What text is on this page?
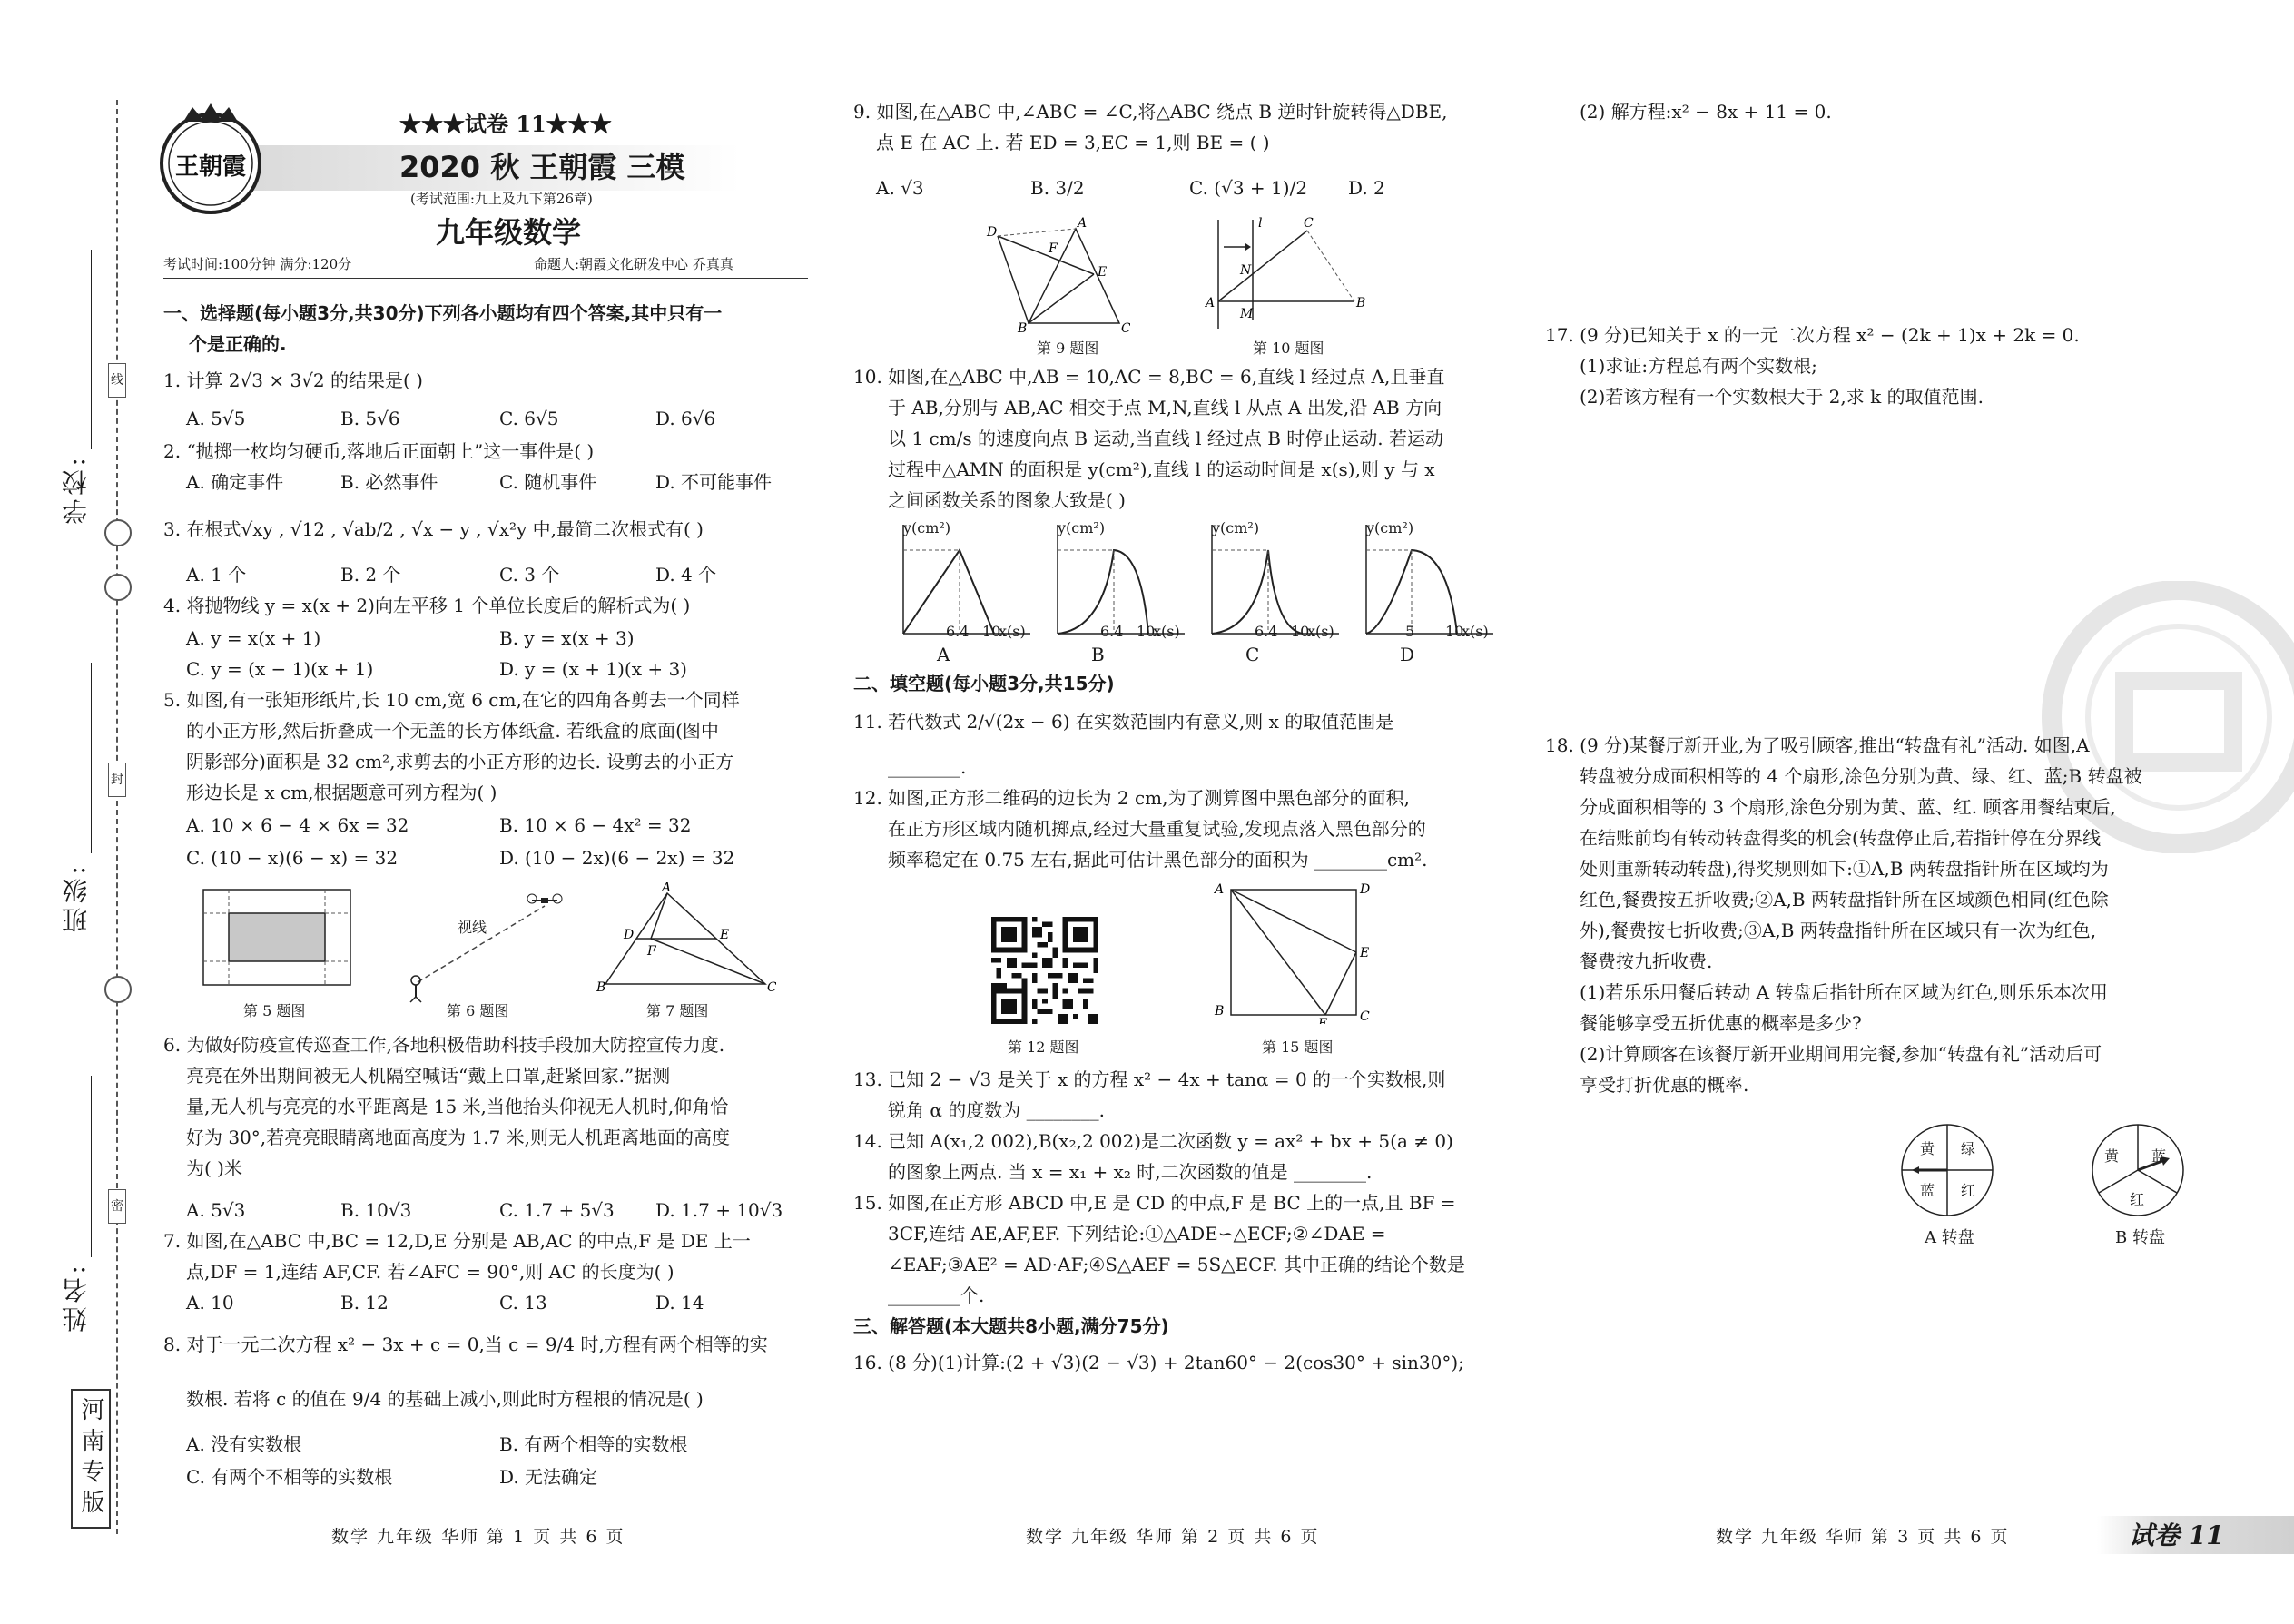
学校:
班级:
姓名:
线
封
密
河南专版
王朝霞
★★★试卷 11★★★
2020 秋 王朝霞 三模
(考试范围:九上及九下第26章)
九年级数学
考试时间:100分钟 满分:120分	命题人:朝霞文化研发中心 乔真真
一、选择题(每小题3分,共30分)下列各小题均有四个答案,其中只有一
个是正确的.
1. 计算 2√3 × 3√2 的结果是( )
A. 5√5	B. 5√6	C. 6√5	D. 6√6
2. “抛掷一枚均匀硬币,落地后正面朝上”这一事件是( )
A. 确定事件	B. 必然事件	C. 随机事件	D. 不可能事件
3. 在根式√xy , √12 , √ab/2 , √x − y , √x²y 中,最简二次根式有( )
A. 1 个	B. 2 个	C. 3 个	D. 4 个
4. 将抛物线 y = x(x + 2)向左平移 1 个单位长度后的解析式为( )
A. y = x(x + 1)	B. y = x(x + 3)
C. y = (x − 1)(x + 1)	D. y = (x + 1)(x + 3)
5. 如图,有一张矩形纸片,长 10 cm,宽 6 cm,在它的四角各剪去一个同样
的小正方形,然后折叠成一个无盖的长方体纸盒. 若纸盒的底面(图中
阴影部分)面积是 32 cm²,求剪去的小正方形的边长. 设剪去的小正方
形边长是 x cm,根据题意可列方程为( )
A. 10 × 6 − 4 × 6x = 32	B. 10 × 6 − 4x² = 32
C. (10 − x)(6 − x) = 32	D. (10 − 2x)(6 − 2x) = 32
第 5 题图
视线
第 6 题图
A
B	C
D	E
F
第 7 题图
6. 为做好防疫宣传巡查工作,各地积极借助科技手段加大防控宣传力度.
亮亮在外出期间被无人机隔空喊话“戴上口罩,赶紧回家.”据测
量,无人机与亮亮的水平距离是 15 米,当他抬头仰视无人机时,仰角恰
好为 30°,若亮亮眼睛离地面高度为 1.7 米,则无人机距离地面的高度
为( )米
A. 5√3	B. 10√3	C. 1.7 + 5√3 D. 1.7 + 10√3
7. 如图,在△ABC 中,BC = 12,D,E 分别是 AB,AC 的中点,F 是 DE 上一
点,DF = 1,连结 AF,CF. 若∠AFC = 90°,则 AC 的长度为( )
A. 10	B. 12	C. 13	D. 14
8. 对于一元二次方程 x² − 3x + c = 0,当 c = 9/4 时,方程有两个相等的实
数根. 若将 c 的值在 9/4 的基础上减小,则此时方程根的情况是( )
A. 没有实数根	B. 有两个相等的实数根
C. 有两个不相等的实数根	D. 无法确定
数学 九年级 华师 第 1 页 共 6 页
9. 如图,在△ABC 中,∠ABC = ∠C,将△ABC 绕点 B 逆时针旋转得△DBE,
点 E 在 AC 上. 若 ED = 3,EC = 1,则 BE = ( )
A. √3	B. 3/2	C. (√3 + 1)/2 D. 2
A
D
B	C
E
F
第 9 题图
A	B
C
N
M
l
第 10 题图
10. 如图,在△ABC 中,AB = 10,AC = 8,BC = 6,直线 l 经过点 A,且垂直
于 AB,分别与 AB,AC 相交于点 M,N,直线 l 从点 A 出发,沿 AB 方向
以 1 cm/s 的速度向点 B 运动,当直线 l 经过点 B 时停止运动. 若运动
过程中△AMN 的面积是 y(cm²),直线 l 的运动时间是 x(s),则 y 与 x
之间函数关系的图象大致是( )
y(cm²)
6.4 10
x(s)
A
y(cm²)
6.4 10
x(s)
B
y(cm²)
6.4 10
x(s)
C
y(cm²)
5 10
x(s)
D
二、填空题(每小题3分,共15分)
11. 若代数式 2/√(2x − 6) 在实数范围内有意义,则 x 的取值范围是
________.
12. 如图,正方形二维码的边长为 2 cm,为了测算图中黑色部分的面积,
在正方形区域内随机掷点,经过大量重复试验,发现点落入黑色部分的
频率稳定在 0.75 左右,据此可估计黑色部分的面积为 ________cm².
第 12 题图
A	D
B	C
E
F
第 15 题图
13. 已知 2 − √3 是关于 x 的方程 x² − 4x + tanα = 0 的一个实数根,则
锐角 α 的度数为 ________.
14. 已知 A(x₁,2 002),B(x₂,2 002)是二次函数 y = ax² + bx + 5(a ≠ 0)
的图象上两点. 当 x = x₁ + x₂ 时,二次函数的值是 ________.
15. 如图,在正方形 ABCD 中,E 是 CD 的中点,F 是 BC 上的一点,且 BF =
3CF,连结 AE,AF,EF. 下列结论:①△ADE∽△ECF;②∠DAE =
∠EAF;③AE² = AD·AF;④S△AEF = 5S△ECF. 其中正确的结论个数是
________个.
三、解答题(本大题共8小题,满分75分)
16. (8 分)(1)计算:(2 + √3)(2 − √3) + 2tan60° − 2(cos30° + sin30°);
数学 九年级 华师 第 2 页 共 6 页
(2) 解方程:x² − 8x + 11 = 0.
17. (9 分)已知关于 x 的一元二次方程 x² − (2k + 1)x + 2k = 0.
(1)求证:方程总有两个实数根;
(2)若该方程有一个实数根大于 2,求 k 的取值范围.
18. (9 分)某餐厅新开业,为了吸引顾客,推出“转盘有礼”活动. 如图,A
转盘被分成面积相等的 4 个扇形,涂色分别为黄、绿、红、蓝;B 转盘被
分成面积相等的 3 个扇形,涂色分别为黄、蓝、红. 顾客用餐结束后,
在结账前均有转动转盘得奖的机会(转盘停止后,若指针停在分界线
处则重新转动转盘),得奖规则如下:①A,B 两转盘指针所在区域均为
红色,餐费按五折收费;②A,B 两转盘指针所在区域颜色相同(红色除
外),餐费按七折收费;③A,B 两转盘指针所在区域只有一次为红色,
餐费按九折收费.
(1)若乐乐用餐后转动 A 转盘后指针所在区域为红色,则乐乐本次用
餐能够享受五折优惠的概率是多少?
(2)计算顾客在该餐厅新开业期间用完餐,参加“转盘有礼”活动后可
享受打折优惠的概率.
黄 绿
蓝 红
A 转盘
黄 蓝
红
B 转盘
数学 九年级 华师 第 3 页 共 6 页	试卷 11
